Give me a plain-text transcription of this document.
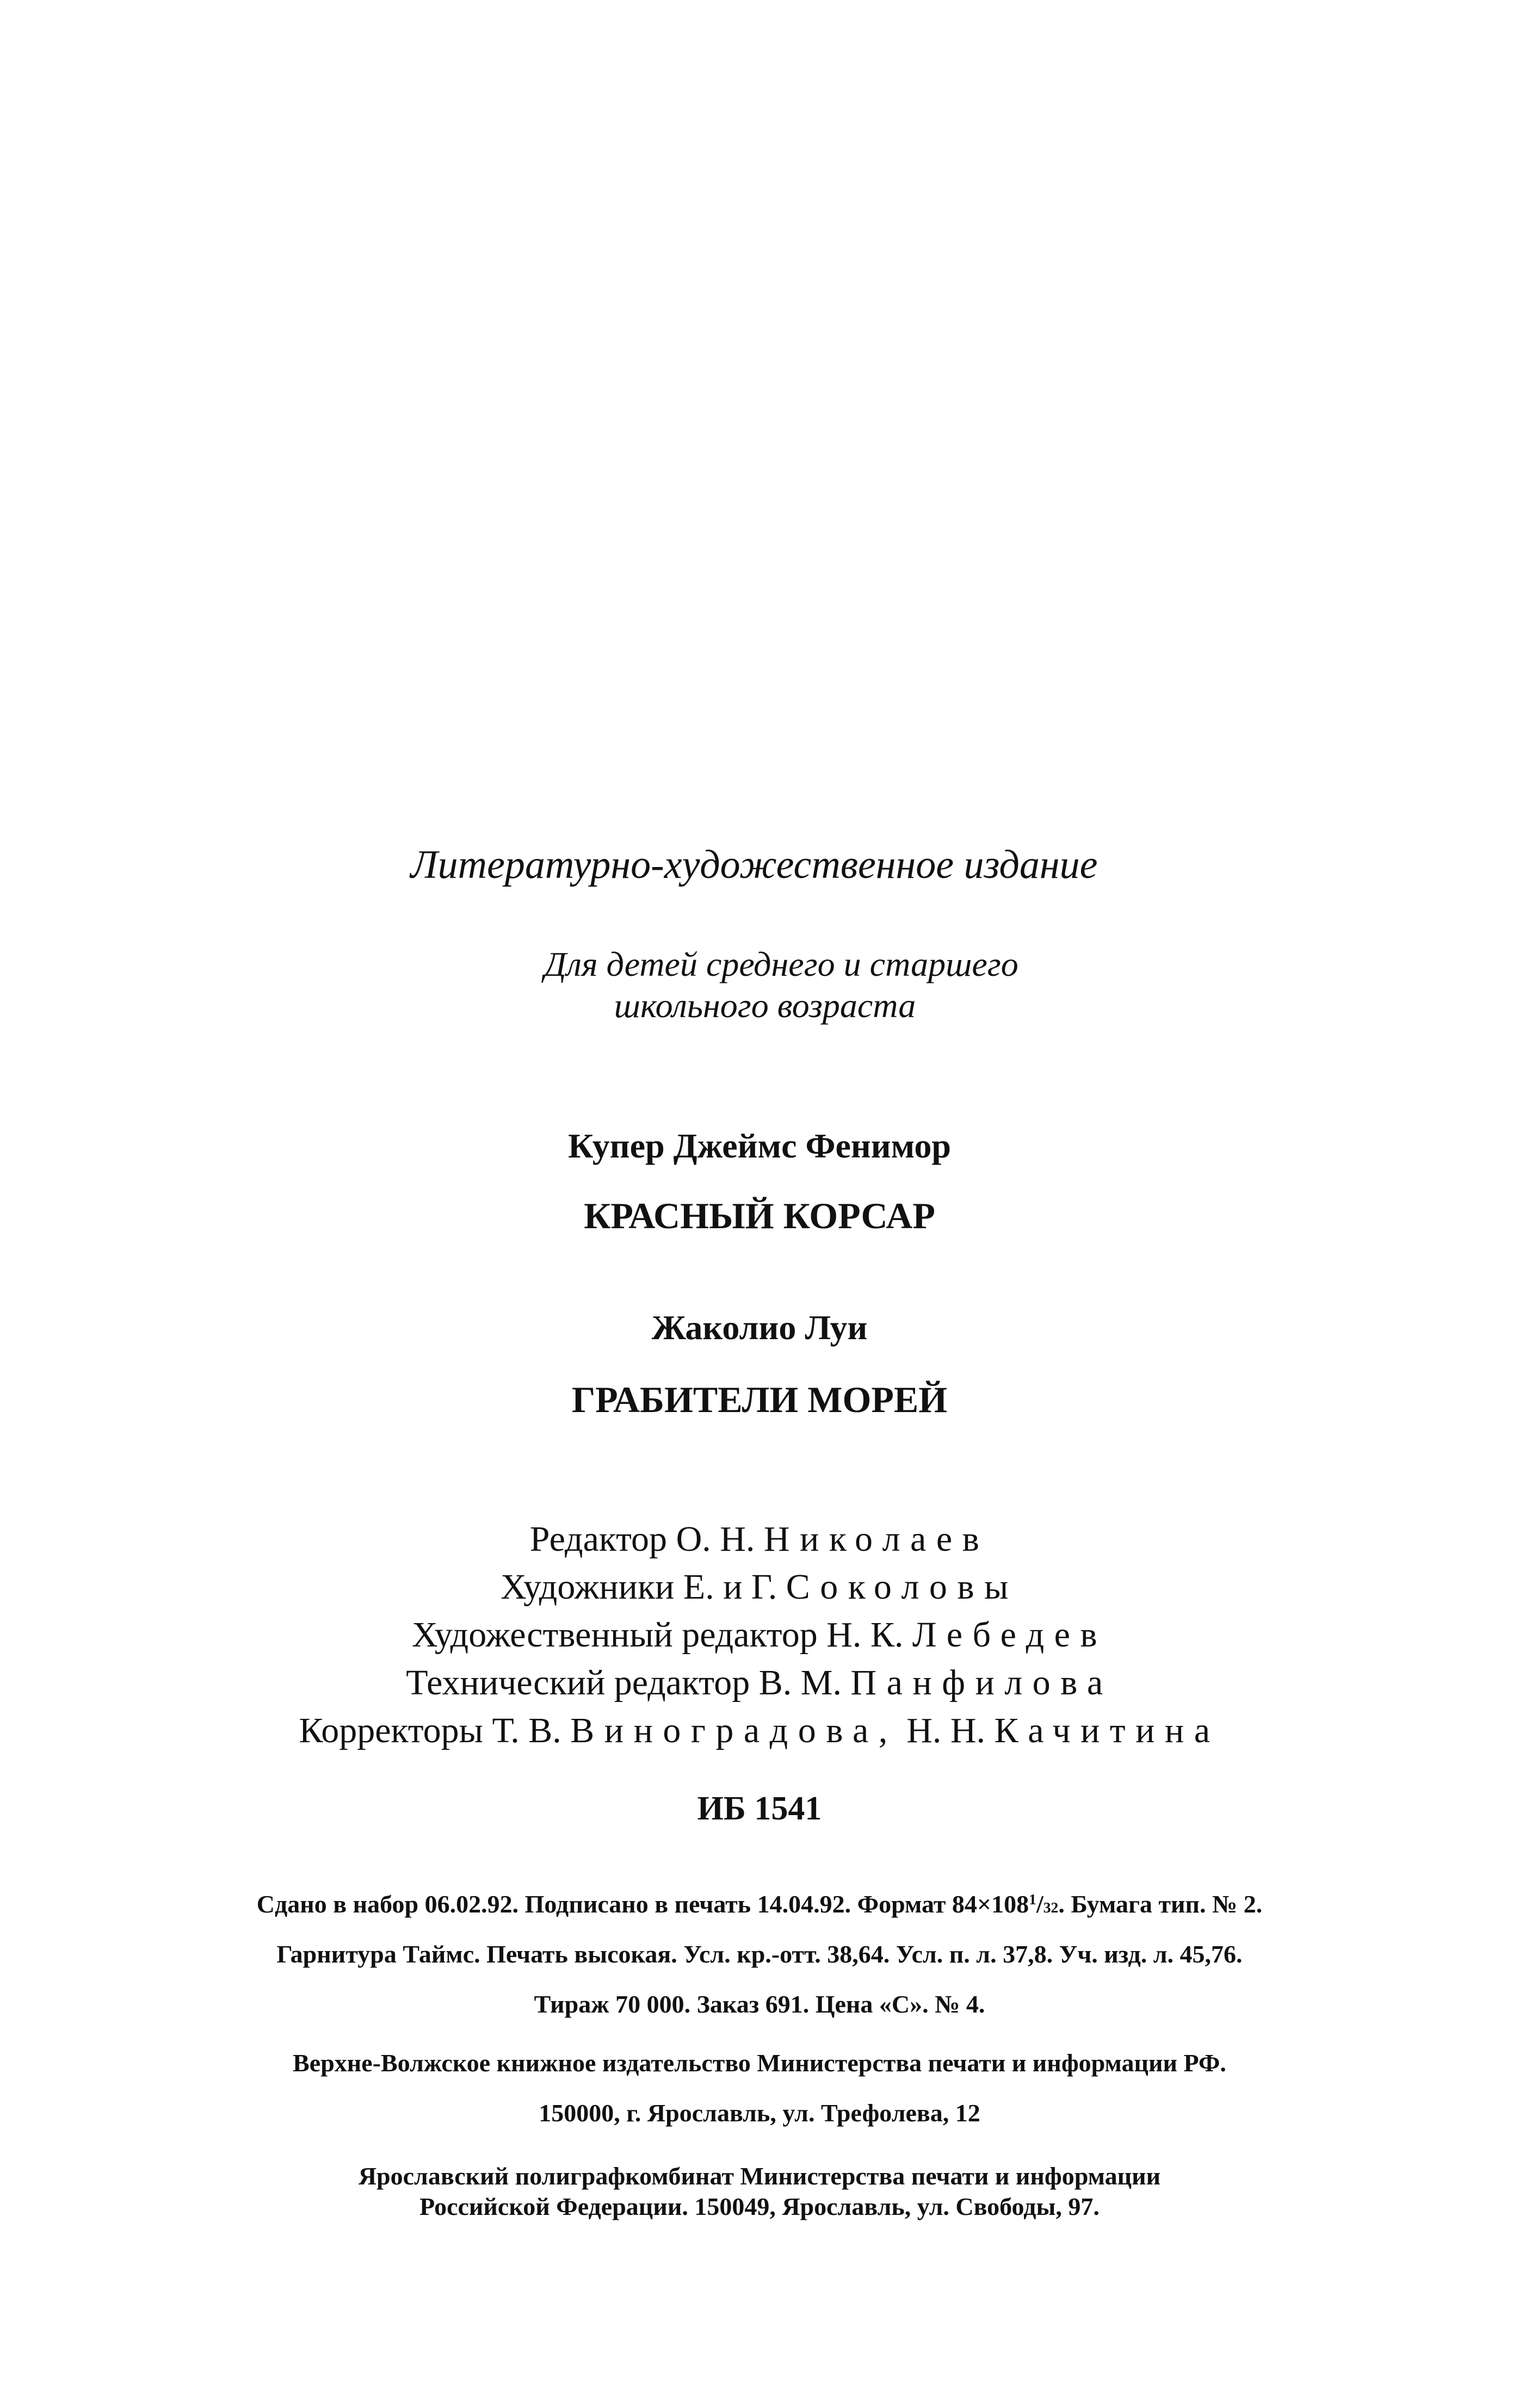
Литературно-художественное издание

Для детей среднего и старшего

школьного возраста

Купер Джеймс Фенимор

КРАСНЫЙ КОРСАР

Жаколио Луи

ГРАБИТЕЛИ МОРЕЙ

Редактор О. Н. Николаев

Художники Е. и Г. Соколовы

Художественный редактор Н. К. Лебедев

Технический редактор В. М. Панфилова

Корректоры Т. В. Виноградова, Н. Н. Качитина

ИБ 1541

Сдано в набор 06.02.92. Подписано в печать 14.04.92. Формат $84\times 108^1/32$. Бумага тип. № 2.

Гарнитура Таймс. Печать высокая. Усл. кр.-отт. 38,64. Усл. п. л. 37,8. Уч. изд. л. 45,76.

Тираж 70 000. Заказ 691. Цена «С». № 4.

Верхне-Волжское книжное издательство Министерства печати и информации РФ.

150000, г. Ярославль, ул. Трефолева, 12

Ярославский полиграфкомбинат Министерства печати и информации

Российской Федерации. 150049, Ярославль, ул. Свободы, 97.
